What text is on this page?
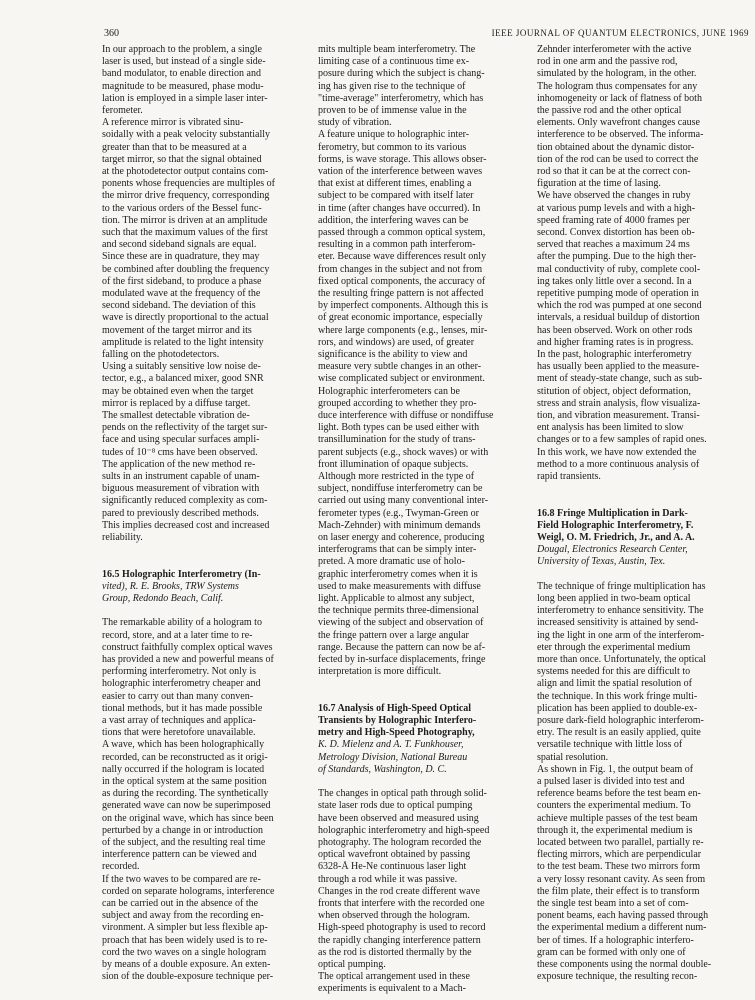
360	IEEE JOURNAL OF QUANTUM ELECTRONICS, JUNE 1969
In our approach to the problem, a single
laser is used, but instead of a single side-
band modulator, to enable direction and
magnitude to be measured, phase modu-
lation is employed in a simple laser inter-
ferometer.
A reference mirror is vibrated sinu-
soidally with a peak velocity substantially
greater than that to be measured at a
target mirror, so that the signal obtained
at the photodetector output contains com-
ponents whose frequencies are multiples of
the mirror drive frequency, corresponding
to the various orders of the Bessel func-
tion. The mirror is driven at an amplitude
such that the maximum values of the first
and second sideband signals are equal.
Since these are in quadrature, they may
be combined after doubling the frequency
of the first sideband, to produce a phase
modulated wave at the frequency of the
second sideband. The deviation of this
wave is directly proportional to the actual
movement of the target mirror and its
amplitude is related to the light intensity
falling on the photodetectors.
Using a suitably sensitive low noise de-
tector, e.g., a balanced mixer, good SNR
may be obtained even when the target
mirror is replaced by a diffuse target.
The smallest detectable vibration de-
pends on the reflectivity of the target sur-
face and using specular surfaces ampli-
tudes of 10⁻⁸ cms have been observed.
The application of the new method re-
sults in an instrument capable of unam-
biguous measurement of vibration with
significantly reduced complexity as com-
pared to previously described methods.
This implies decreased cost and increased
reliability.
16.5 Holographic Interferometry (In-
vited), R. E. Brooks, TRW Systems
Group, Redondo Beach, Calif.
The remarkable ability of a hologram to
record, store, and at a later time to re-
construct faithfully complex optical waves
has provided a new and powerful means of
performing interferometry. Not only is
holographic interferometry cheaper and
easier to carry out than many conven-
tional methods, but it has made possible
a vast array of techniques and applica-
tions that were heretofore unavailable.
A wave, which has been holographically
recorded, can be reconstructed as it origi-
nally occurred if the hologram is located
in the optical system at the same position
as during the recording. The synthetically
generated wave can now be superimposed
on the original wave, which has since been
perturbed by a change in or introduction
of the subject, and the resulting real time
interference pattern can be viewed and
recorded.
If the two waves to be compared are re-
corded on separate holograms, interference
can be carried out in the absence of the
subject and away from the recording en-
vironment. A simpler but less flexible ap-
proach that has been widely used is to re-
cord the two waves on a single hologram
by means of a double exposure. An exten-
sion of the double-exposure technique per-
mits multiple beam interferometry. The
limiting case of a continuous time ex-
posure during which the subject is chang-
ing has given rise to the technique of
"time-average" interferometry, which has
proven to be of immense value in the
study of vibration.
A feature unique to holographic inter-
ferometry, but common to its various
forms, is wave storage. This allows obser-
vation of the interference between waves
that exist at different times, enabling a
subject to be compared with itself later
in time (after changes have occurred). In
addition, the interfering waves can be
passed through a common optical system,
resulting in a common path interferom-
eter. Because wave differences result only
from changes in the subject and not from
fixed optical components, the accuracy of
the resulting fringe pattern is not affected
by imperfect components. Although this is
of great economic importance, especially
where large components (e.g., lenses, mir-
rors, and windows) are used, of greater
significance is the ability to view and
measure very subtle changes in an other-
wise complicated subject or environment.
Holographic interferometers can be
grouped according to whether they pro-
duce interference with diffuse or nondiffuse
light. Both types can be used either with
transillumination for the study of trans-
parent subjects (e.g., shock waves) or with
front illumination of opaque subjects.
Although more restricted in the type of
subject, nondiffuse interferometry can be
carried out using many conventional inter-
ferometer types (e.g., Twyman-Green or
Mach-Zehnder) with minimum demands
on laser energy and coherence, producing
interferograms that can be simply inter-
preted. A more dramatic use of holo-
graphic interferometry comes when it is
used to make measurements with diffuse
light. Applicable to almost any subject,
the technique permits three-dimensional
viewing of the subject and observation of
the fringe pattern over a large angular
range. Because the pattern can now be af-
fected by in-surface displacements, fringe
interpretation is more difficult.
16.7 Analysis of High-Speed Optical
Transients by Holographic Interfero-
metry and High-Speed Photography,
K. D. Mielenz and A. T. Funkhouser,
Metrology Division, National Bureau
of Standards, Washington, D. C.
The changes in optical path through solid-
state laser rods due to optical pumping
have been observed and measured using
holographic interferometry and high-speed
photography. The hologram recorded the
optical wavefront obtained by passing
6328-Å He-Ne continuous laser light
through a rod while it was passive.
Changes in the rod create different wave
fronts that interfere with the recorded one
when observed through the hologram.
High-speed photography is used to record
the rapidly changing interference pattern
as the rod is distorted thermally by the
optical pumping.
The optical arrangement used in these
experiments is equivalent to a Mach-
Zehnder interferometer with the active
rod in one arm and the passive rod,
simulated by the hologram, in the other.
The hologram thus compensates for any
inhomogeneity or lack of flatness of both
the passive rod and the other optical
elements. Only wavefront changes cause
interference to be observed. The informa-
tion obtained about the dynamic distor-
tion of the rod can be used to correct the
rod so that it can be at the correct con-
figuration at the time of lasing.
We have observed the changes in ruby
at various pump levels and with a high-
speed framing rate of 4000 frames per
second. Convex distortion has been ob-
served that reaches a maximum 24 ms
after the pumping. Due to the high ther-
mal conductivity of ruby, complete cool-
ing takes only little over a second. In a
repetitive pumping mode of operation in
which the rod was pumped at one second
intervals, a residual buildup of distortion
has been observed. Work on other rods
and higher framing rates is in progress.
In the past, holographic interferometry
has usually been applied to the measure-
ment of steady-state change, such as sub-
stitution of object, object deformation,
stress and strain analysis, flow visualiza-
tion, and vibration measurement. Transi-
ent analysis has been limited to slow
changes or to a few samples of rapid ones.
In this work, we have now extended the
method to a more continuous analysis of
rapid transients.
16.8 Fringe Multiplication in Dark-
Field Holographic Interferometry, F.
Weigl, O. M. Friedrich, Jr., and A. A.
Dougal, Electronics Research Center,
University of Texas, Austin, Tex.
The technique of fringe multiplication has
long been applied in two-beam optical
interferometry to enhance sensitivity. The
increased sensitivity is attained by send-
ing the light in one arm of the interferom-
eter through the experimental medium
more than once. Unfortunately, the optical
systems needed for this are difficult to
align and limit the spatial resolution of
the technique. In this work fringe multi-
plication has been applied to double-ex-
posure dark-field holographic interferom-
etry. The result is an easily applied, quite
versatile technique with little loss of
spatial resolution.
As shown in Fig. 1, the output beam of
a pulsed laser is divided into test and
reference beams before the test beam en-
counters the experimental medium. To
achieve multiple passes of the test beam
through it, the experimental medium is
located between two parallel, partially re-
flecting mirrors, which are perpendicular
to the test beam. These two mirrors form
a very lossy resonant cavity. As seen from
the film plate, their effect is to transform
the single test beam into a set of com-
ponent beams, each having passed through
the experimental medium a different num-
ber of times. If a holographic interfero-
gram can be formed with only one of
these components using the normal double-
exposure technique, the resulting recon-
